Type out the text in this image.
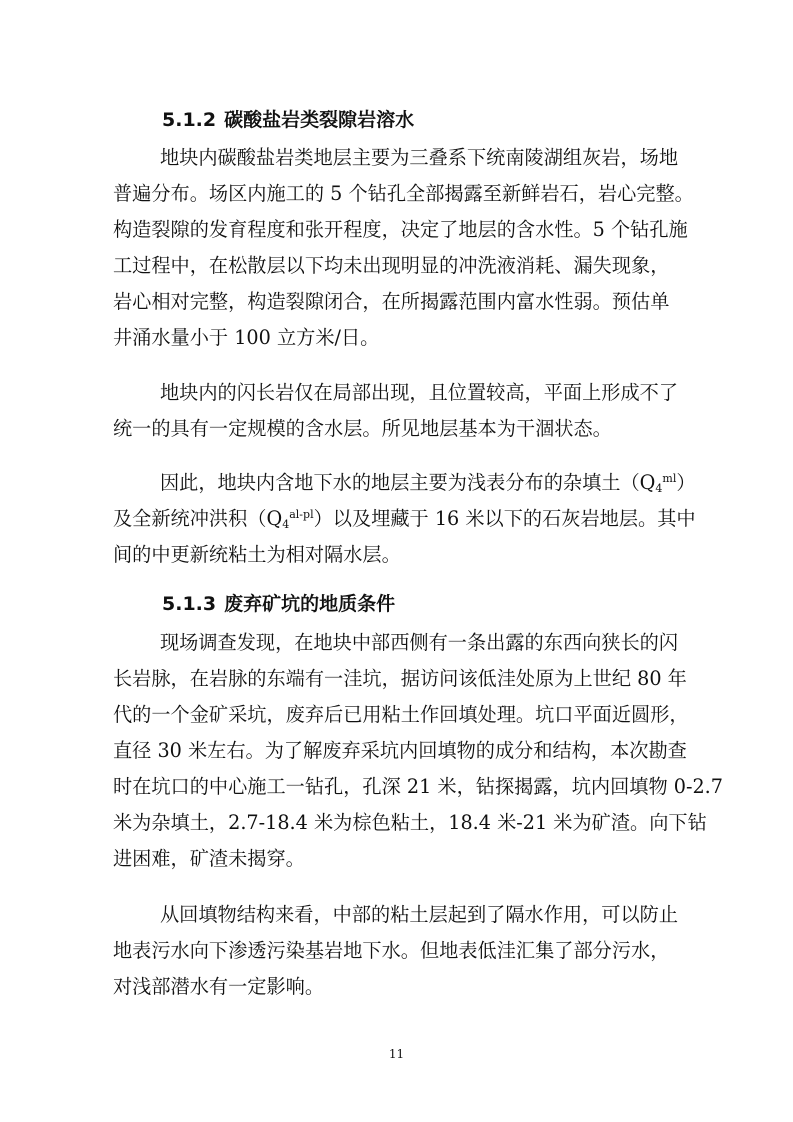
5.1.2 碳酸盐岩类裂隙岩溶水

地块内碳酸盐岩类地层主要为三叠系下统南陵湖组灰岩，场地

普遍分布。场区内施工的 5 个钻孔全部揭露至新鲜岩石，岩心完整。

构造裂隙的发育程度和张开程度，决定了地层的含水性。5 个钻孔施

工过程中，在松散层以下均未出现明显的冲洗液消耗、漏失现象，

岩心相对完整，构造裂隙闭合，在所揭露范围内富水性弱。预估单

井涌水量小于 100 立方米/日。

地块内的闪长岩仅在局部出现，且位置较高，平面上形成不了

统一的具有一定规模的含水层。所见地层基本为干涸状态。

因此，地块内含地下水的地层主要为浅表分布的杂填土$(Q_4^{ml})$

及全新统冲洪积$(Q_4^{al-pl})$以及埋藏于 16 米以下的石灰岩地层。其中

间的中更新统粘土为相对隔水层。

5.1.3 废弃矿坑的地质条件

现场调查发现，在地块中部西侧有一条出露的东西向狭长的闪

长岩脉，在岩脉的东端有一洼坑，据访问该低洼处原为上世纪 80 年

代的一个金矿采坑，废弃后已用粘土作回填处理。坑口平面近圆形，

直径 30 米左右。为了解废弃采坑内回填物的成分和结构，本次勘查

时在坑口的中心施工一钻孔，孔深 21 米，钻探揭露，坑内回填物 0-2.7

米为杂填土，2.7-18.4 米为棕色粘土，18.4 米-21 米为矿渣。向下钻

进困难，矿渣未揭穿。

从回填物结构来看，中部的粘土层起到了隔水作用，可以防止

地表污水向下渗透污染基岩地下水。但地表低洼汇集了部分污水，

对浅部潜水有一定影响。

11
